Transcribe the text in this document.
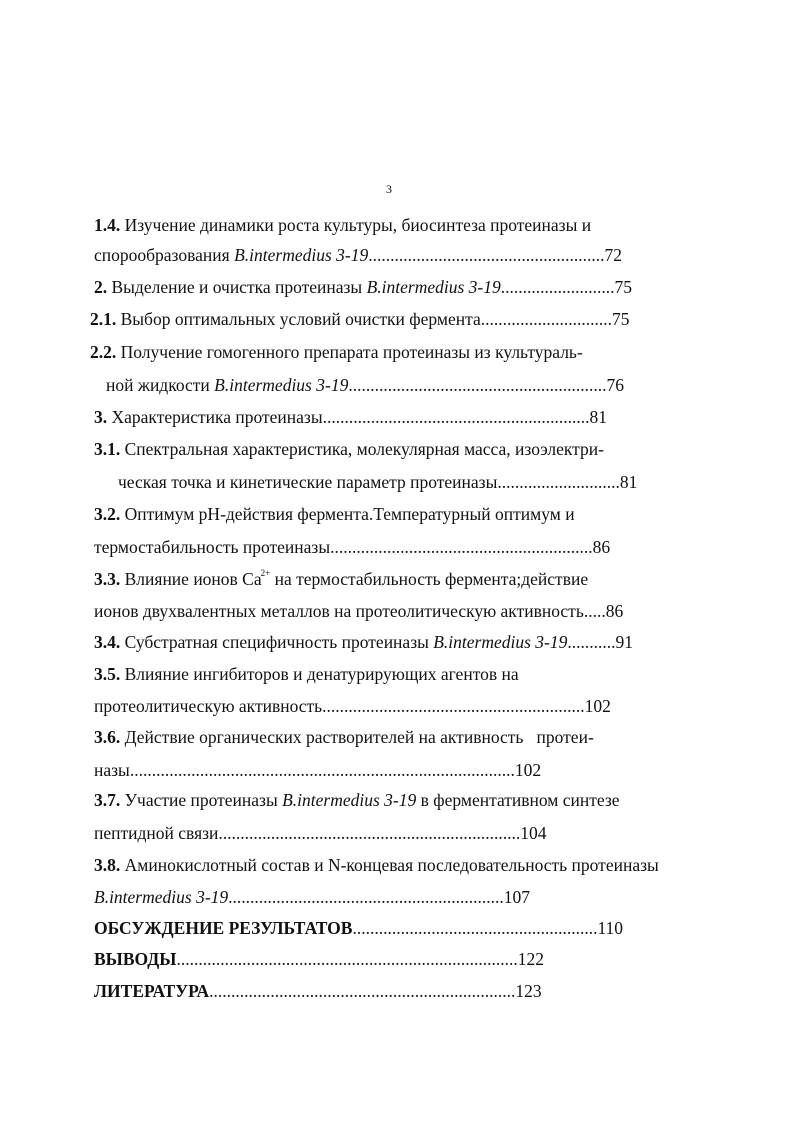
3
1.4. Изучение динамики роста культуры, биосинтеза протеиназы и
спорообразования B.intermedius 3-19......................................................72
2. Выделение и очистка протеиназы B.intermedius 3-19..........................75
2.1. Выбор оптимальных условий очистки фермента..............................75
2.2. Получение гомогенного препарата протеиназы из культураль-
ной жидкости B.intermedius 3-19...........................................................76
3. Характеристика протеиназы.............................................................81
3.1. Спектральная характеристика, молекулярная масса, изоэлектри-
ческая точка и кинетические параметр протеиназы............................81
3.2. Оптимум рН-действия фермента.Температурный оптимум и
термостабильность протеиназы............................................................86
3.3. Влияние ионов $Ca^{2+}$ на термостабильность фермента;действие
ионов двухвалентных металлов на протеолитическую активность.....86
3.4. Субстратная специфичность протеиназы B.intermedius 3-19...........91
3.5. Влияние ингибиторов и денатурирующих агентов на
протеолитическую активность............................................................102
3.6. Действие органических растворителей на активность   протеи-
назы........................................................................................102
3.7. Участие протеиназы B.intermedius 3-19 в ферментативном синтезе
пептидной связи.....................................................................104
3.8. Аминокислотный состав и N-концевая последовательность протеиназы
B.intermedius 3-19...............................................................107
ОБСУЖДЕНИЕ РЕЗУЛЬТАТОВ........................................................110
ВЫВОДЫ..............................................................................122
ЛИТЕРАТУРА......................................................................123
